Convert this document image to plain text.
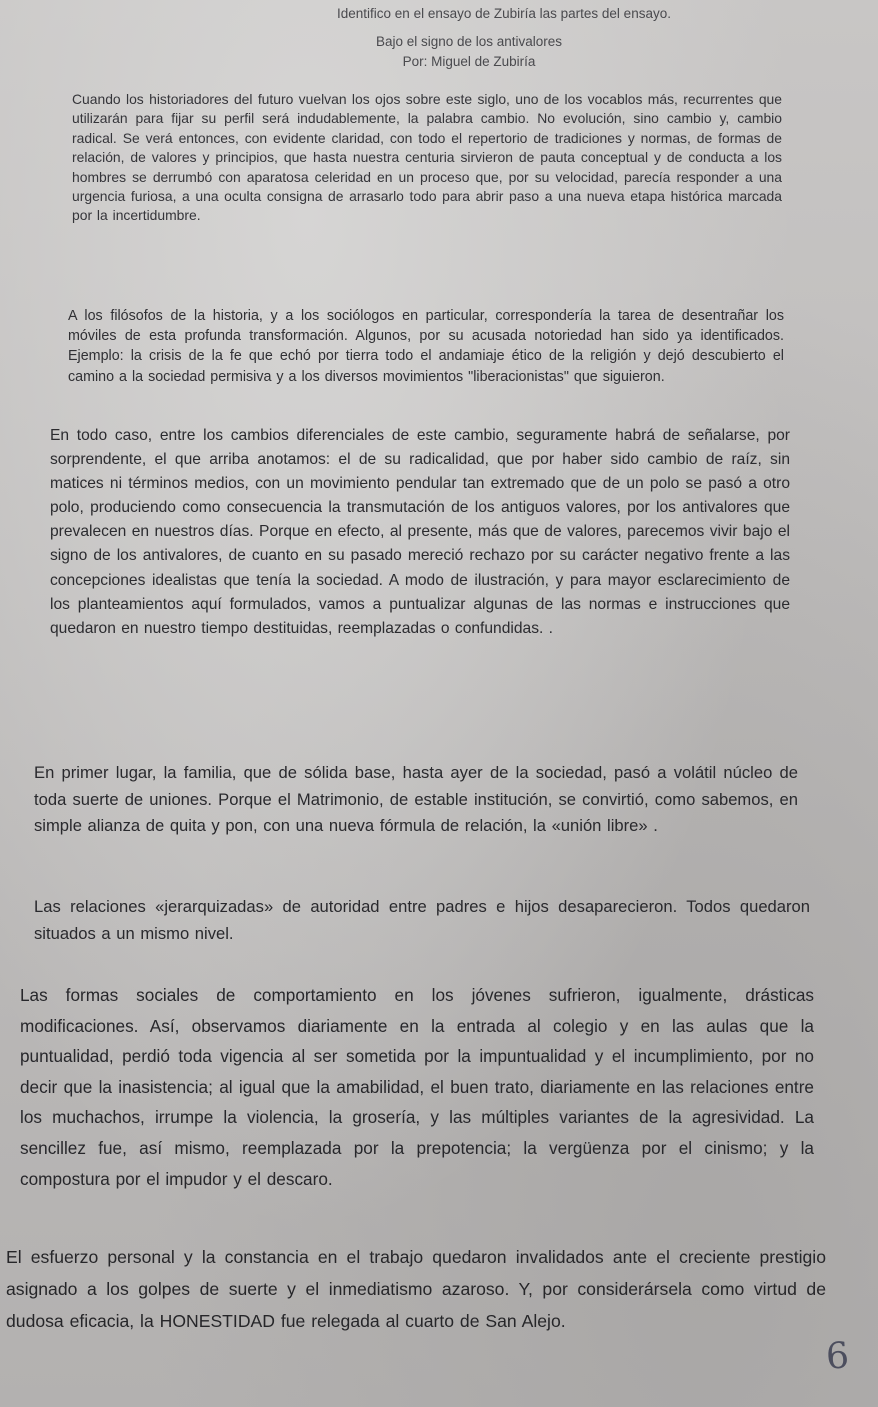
Identifico en el ensayo de Zubiría las partes del ensayo.
Bajo el signo de los antivalores
Por: Miguel de Zubiría
Cuando los historiadores del futuro vuelvan los ojos sobre este siglo, uno de los vocablos más, recurrentes que utilizarán para fijar su perfil será indudablemente, la palabra cambio. No evolución, sino cambio y, cambio radical. Se verá entonces, con evidente claridad, con todo el repertorio de tradiciones y normas, de formas de relación, de valores y principios, que hasta nuestra centuria sirvieron de pauta conceptual y de conducta a los hombres se derrumbó con aparatosa celeridad en un proceso que, por su velocidad, parecía responder a una urgencia furiosa, a una oculta consigna de arrasarlo todo para abrir paso a una nueva etapa histórica marcada por la incertidumbre.
A los filósofos de la historia, y a los sociólogos en particular, correspondería la tarea de desentrañar los móviles de esta profunda transformación. Algunos, por su acusada notoriedad han sido ya identificados. Ejemplo: la crisis de la fe que echó por tierra todo el andamiaje ético de la religión y dejó descubierto el camino a la sociedad permisiva y a los diversos movimientos "liberacionistas" que siguieron.
En todo caso, entre los cambios diferenciales de este cambio, seguramente habrá de señalarse, por sorprendente, el que arriba anotamos: el de su radicalidad, que por haber sido cambio de raíz, sin matices ni términos medios, con un movimiento pendular tan extremado que de un polo se pasó a otro polo, produciendo como consecuencia la transmutación de los antiguos valores, por los antivalores que prevalecen en nuestros días. Porque en efecto, al presente, más que de valores, parecemos vivir bajo el signo de los antivalores, de cuanto en su pasado mereció rechazo por su carácter negativo frente a las concepciones idealistas que tenía la sociedad. A modo de ilustración, y para mayor esclarecimiento de los planteamientos aquí formulados, vamos a puntualizar algunas de las normas e instrucciones que quedaron en nuestro tiempo destituidas, reemplazadas o confundidas. .
En primer lugar, la familia, que de sólida base, hasta ayer de la sociedad, pasó a volátil núcleo de toda suerte de uniones. Porque el Matrimonio, de estable institución, se convirtió, como sabemos, en simple alianza de quita y pon, con una nueva fórmula de relación, la «unión libre» .
Las relaciones «jerarquizadas» de autoridad entre padres e hijos desaparecieron. Todos quedaron situados a un mismo nivel.
Las formas sociales de comportamiento en los jóvenes sufrieron, igualmente, drásticas modificaciones. Así, observamos diariamente en la entrada al colegio y en las aulas que la puntualidad, perdió toda vigencia al ser sometida por la impuntualidad y el incumplimiento, por no decir que la inasistencia; al igual que la amabilidad, el buen trato, diariamente en las relaciones entre los muchachos, irrumpe la violencia, la grosería, y las múltiples variantes de la agresividad. La sencillez fue, así mismo, reemplazada por la prepotencia; la vergüenza por el cinismo; y la compostura por el impudor y el descaro.
El esfuerzo personal y la constancia en el trabajo quedaron invalidados ante el creciente prestigio asignado a los golpes de suerte y el inmediatismo azaroso. Y, por considerársela como virtud de dudosa eficacia, la HONESTIDAD fue relegada al cuarto de San Alejo.
6
